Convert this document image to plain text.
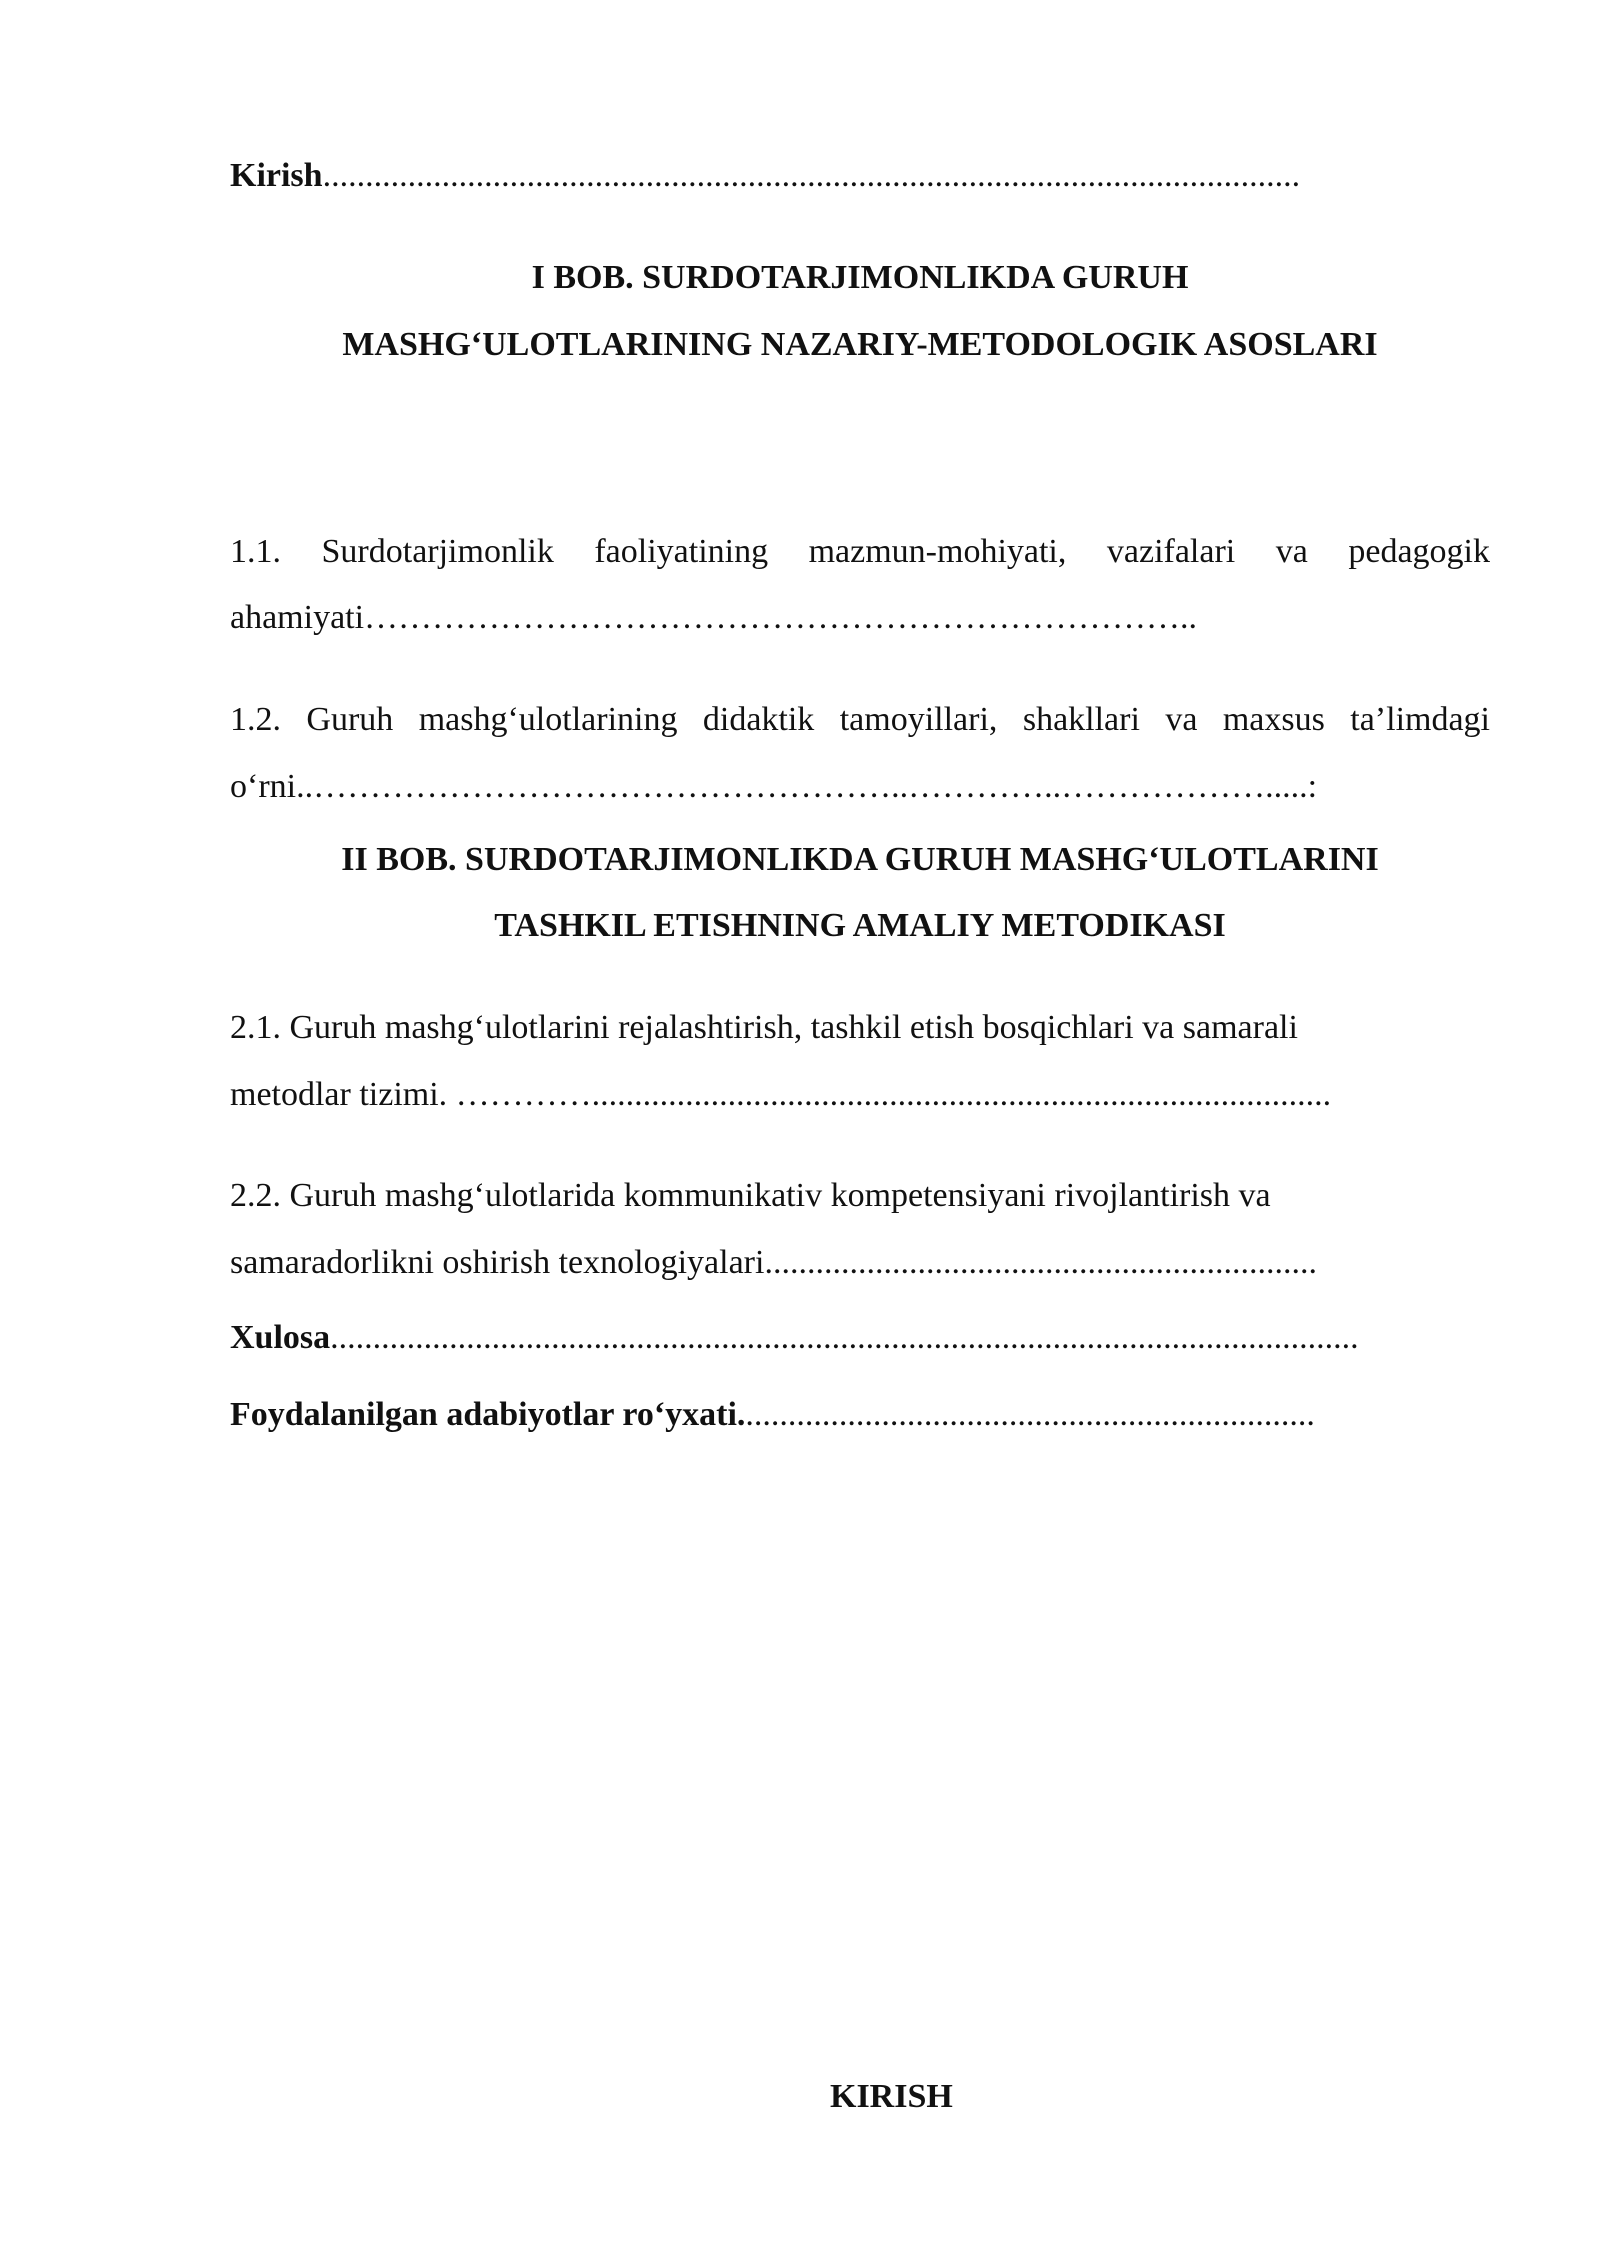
Kirish...................................................................................................................
I BOB. SURDOTARJIMONLIKDA GURUH
MASHG‘ULOTLARINING NAZARIY-METODOLOGIK ASOSLARI
1.1. Surdotarjimonlik faoliyatining mazmun-mohiyati, vazifalari va pedagogik
ahamiyati………………………………………………………………..
1.2. Guruh mashg‘ulotlarining didaktik tamoyillari, shakllari va maxsus ta’limdagi
o‘rni..……………………………………………..…………..……………….....:
II BOB. SURDOTARJIMONLIKDA GURUH MASHG‘ULOTLARINI
TASHKIL ETISHNING AMALIY METODIKASI
2.1. Guruh mashg‘ulotlarini rejalashtirish, tashkil etish bosqichlari va samarali
metodlar tizimi. ………….......................................................................................
2.2. Guruh mashg‘ulotlarida kommunikativ kompetensiyani rivojlantirish va
samaradorlikni oshirish texnologiyalari.................................................................
Xulosa.........................................................................................................................
Foydalanilgan adabiyotlar ro‘yxati....................................................................
KIRISH
